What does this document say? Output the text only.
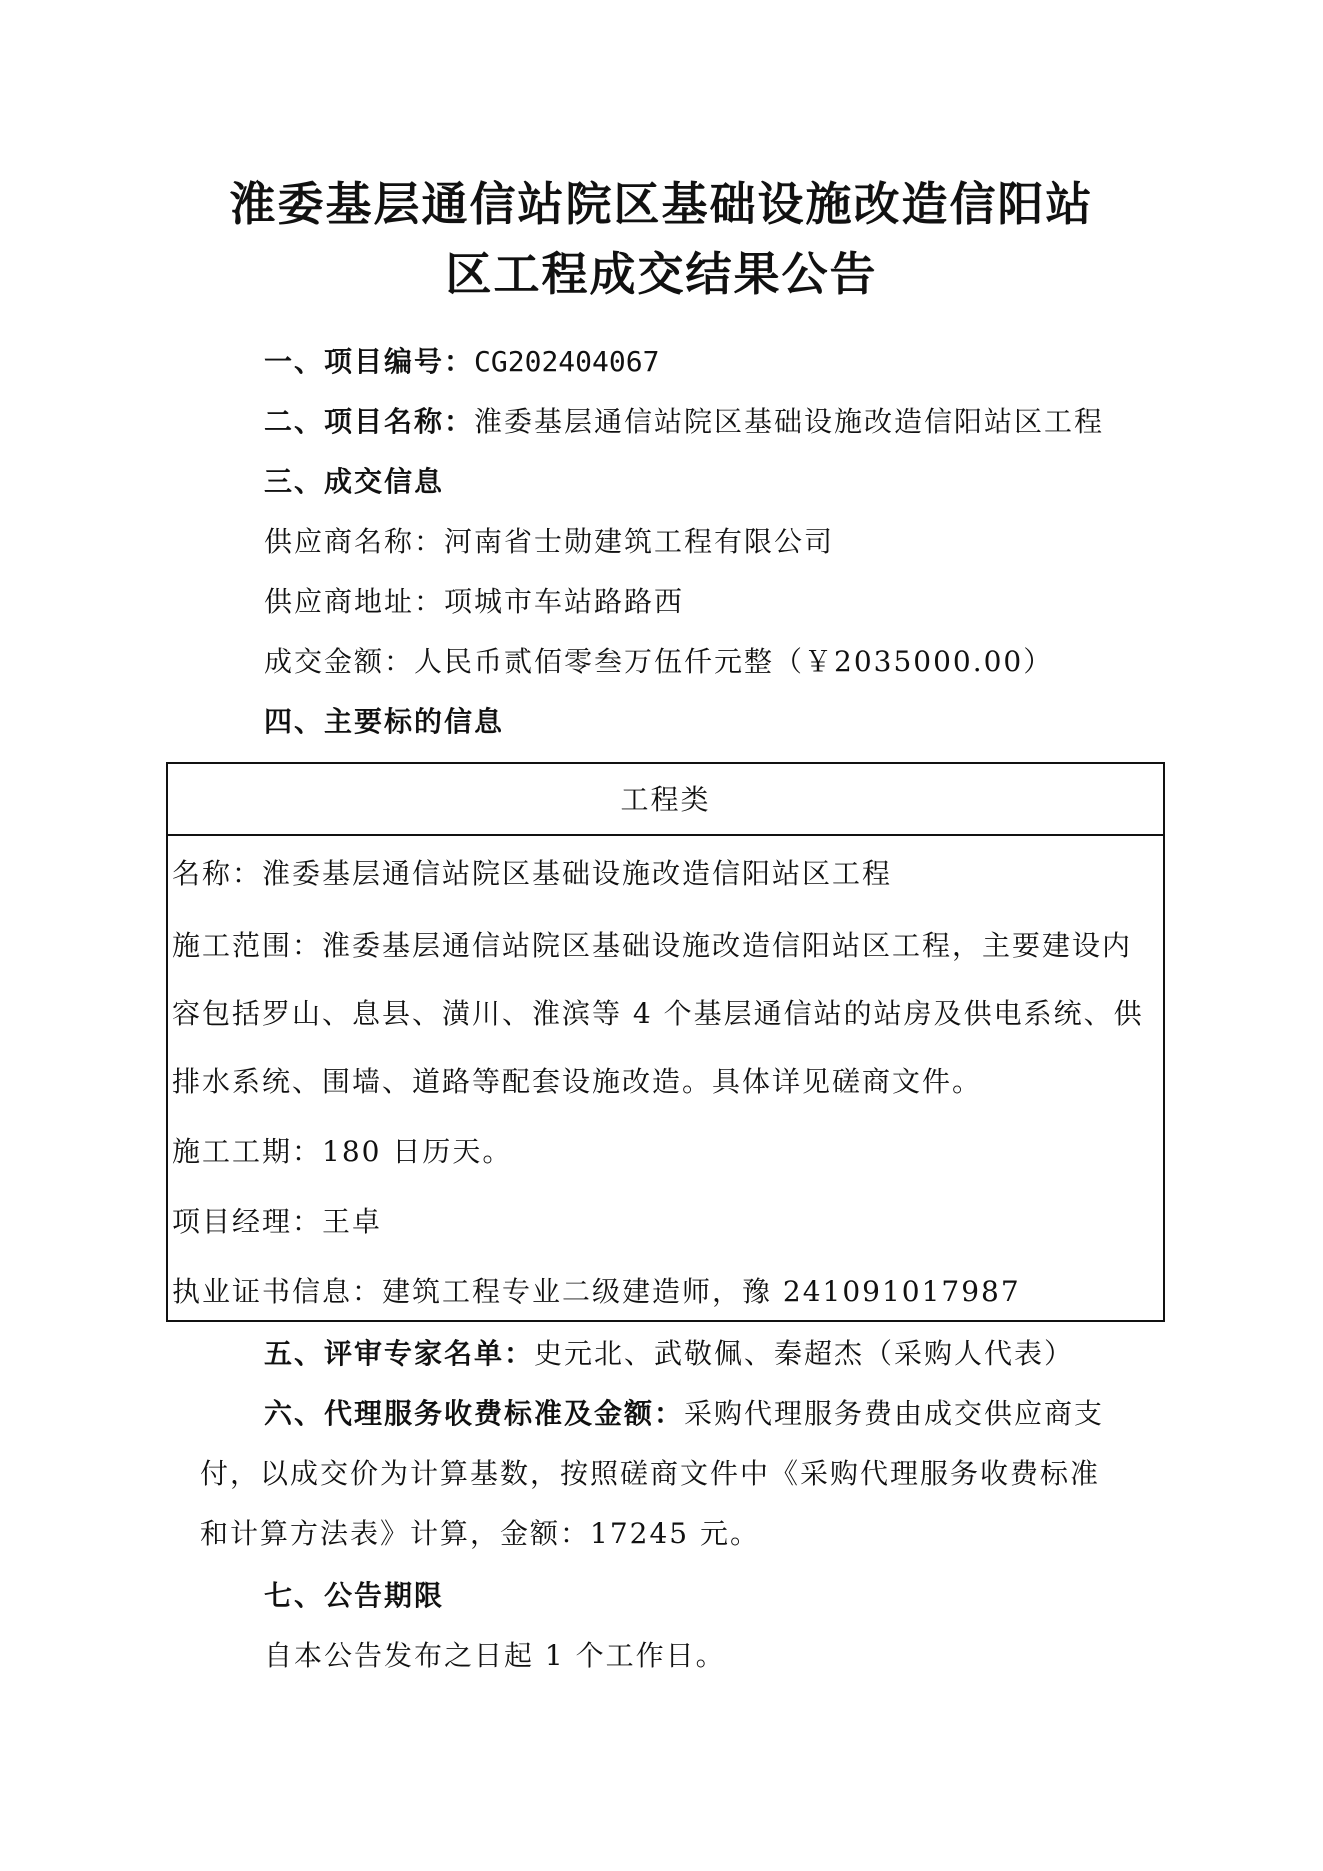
淮委基层通信站院区基础设施改造信阳站
区工程成交结果公告
一、项目编号：CG202404067
二、项目名称：淮委基层通信站院区基础设施改造信阳站区工程
三、成交信息
供应商名称：河南省士勋建筑工程有限公司
供应商地址：项城市车站路路西
成交金额：人民币贰佰零叁万伍仟元整（￥2035000.00）
四、主要标的信息
工程类
名称：淮委基层通信站院区基础设施改造信阳站区工程
施工范围：淮委基层通信站院区基础设施改造信阳站区工程，主要建设内
容包括罗山、息县、潢川、淮滨等 4 个基层通信站的站房及供电系统、供
排水系统、围墙、道路等配套设施改造。具体详见磋商文件。
施工工期：180 日历天。
项目经理：王卓
执业证书信息：建筑工程专业二级建造师，豫 241091017987
五、评审专家名单：史元北、武敬佩、秦超杰（采购人代表）
六、代理服务收费标准及金额：采购代理服务费由成交供应商支
付，以成交价为计算基数，按照磋商文件中《采购代理服务收费标准
和计算方法表》计算，金额：17245 元。
七、公告期限
自本公告发布之日起 1 个工作日。
